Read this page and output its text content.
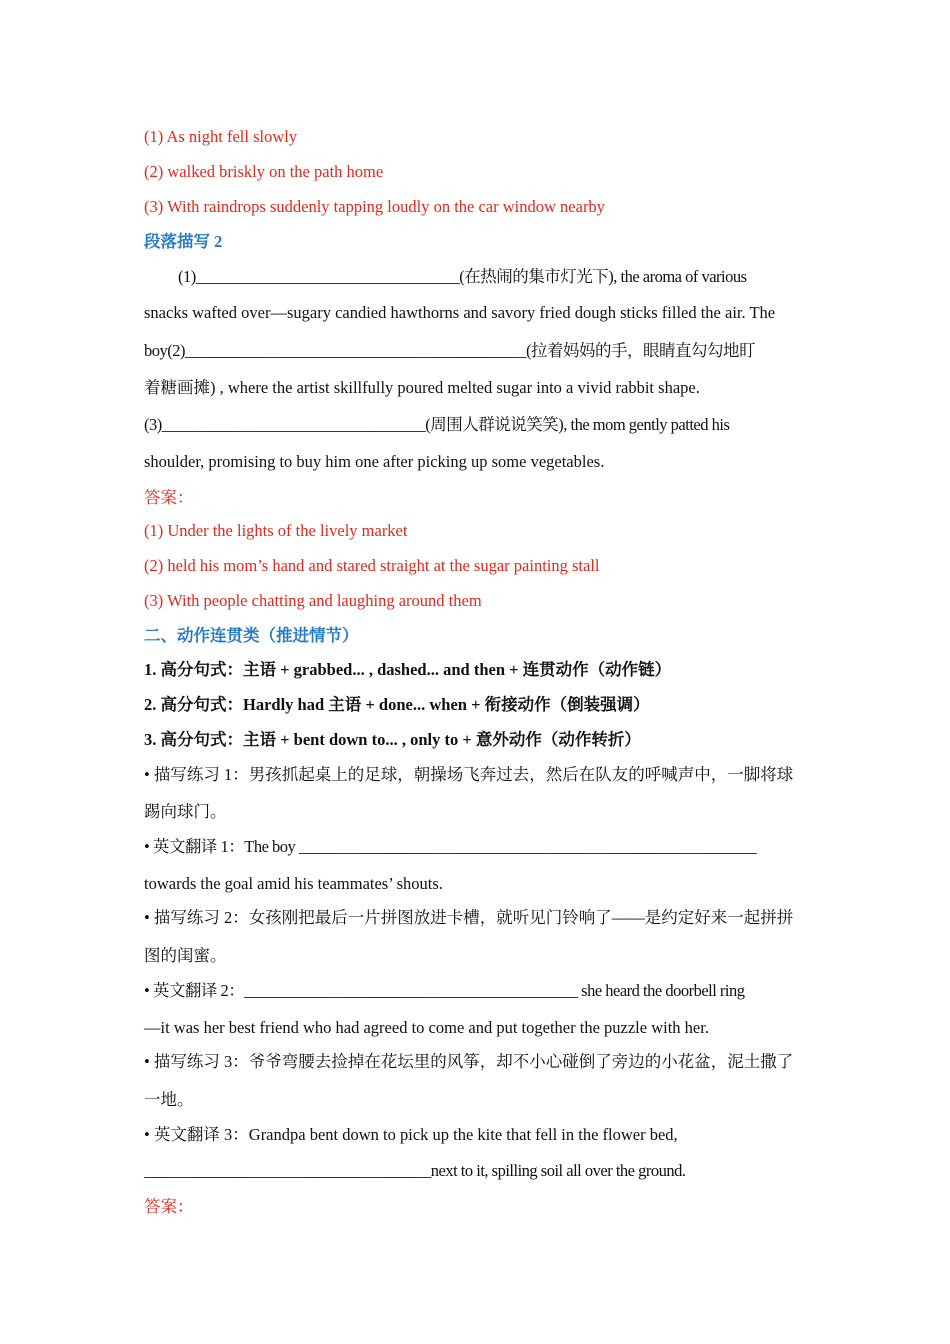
(1) As night fell slowly
(2) walked briskly on the path home
(3) With raindrops suddenly tapping loudly on the car window nearby
段落描写 2
(1)__________________________________(在热闹的集市灯光下), the aroma of various
snacks wafted over—sugary candied hawthorns and savory fried dough sticks filled the air. The
boy(2)____________________________________________(拉着妈妈的手，眼睛直勾勾地盯
着糖画摊) , where the artist skillfully poured melted sugar into a vivid rabbit shape.
(3)__________________________________(周围人群说说笑笑), the mom gently patted his
shoulder, promising to buy him one after picking up some vegetables.
答案：
(1) Under the lights of the lively market
(2) held his mom’s hand and stared straight at the sugar painting stall
(3) With people chatting and laughing around them
二、动作连贯类（推进情节）
1. 高分句式：主语 + grabbed... , dashed... and then + 连贯动作（动作链）
2. 高分句式：Hardly had 主语 + done... when + 衔接动作（倒装强调）
3. 高分句式：主语 + bent down to... , only to + 意外动作（动作转折）
• 描写练习 1：男孩抓起桌上的足球，朝操场飞奔过去，然后在队友的呼喊声中，一脚将球
踢向球门。
• 英文翻译 1：The boy ___________________________________________________________
towards the goal amid his teammates’ shouts.
• 描写练习 2：女孩刚把最后一片拼图放进卡槽，就听见门铃响了——是约定好来一起拼拼
图的闺蜜。
• 英文翻译 2：___________________________________________ she heard the doorbell ring
—it was her best friend who had agreed to come and put together the puzzle with her.
• 描写练习 3：爷爷弯腰去捡掉在花坛里的风筝，却不小心碰倒了旁边的小花盆，泥土撒了
一地。
• 英文翻译 3：Grandpa bent down to pick up the kite that fell in the flower bed,
_____________________________________next to it, spilling soil all over the ground.
答案：
